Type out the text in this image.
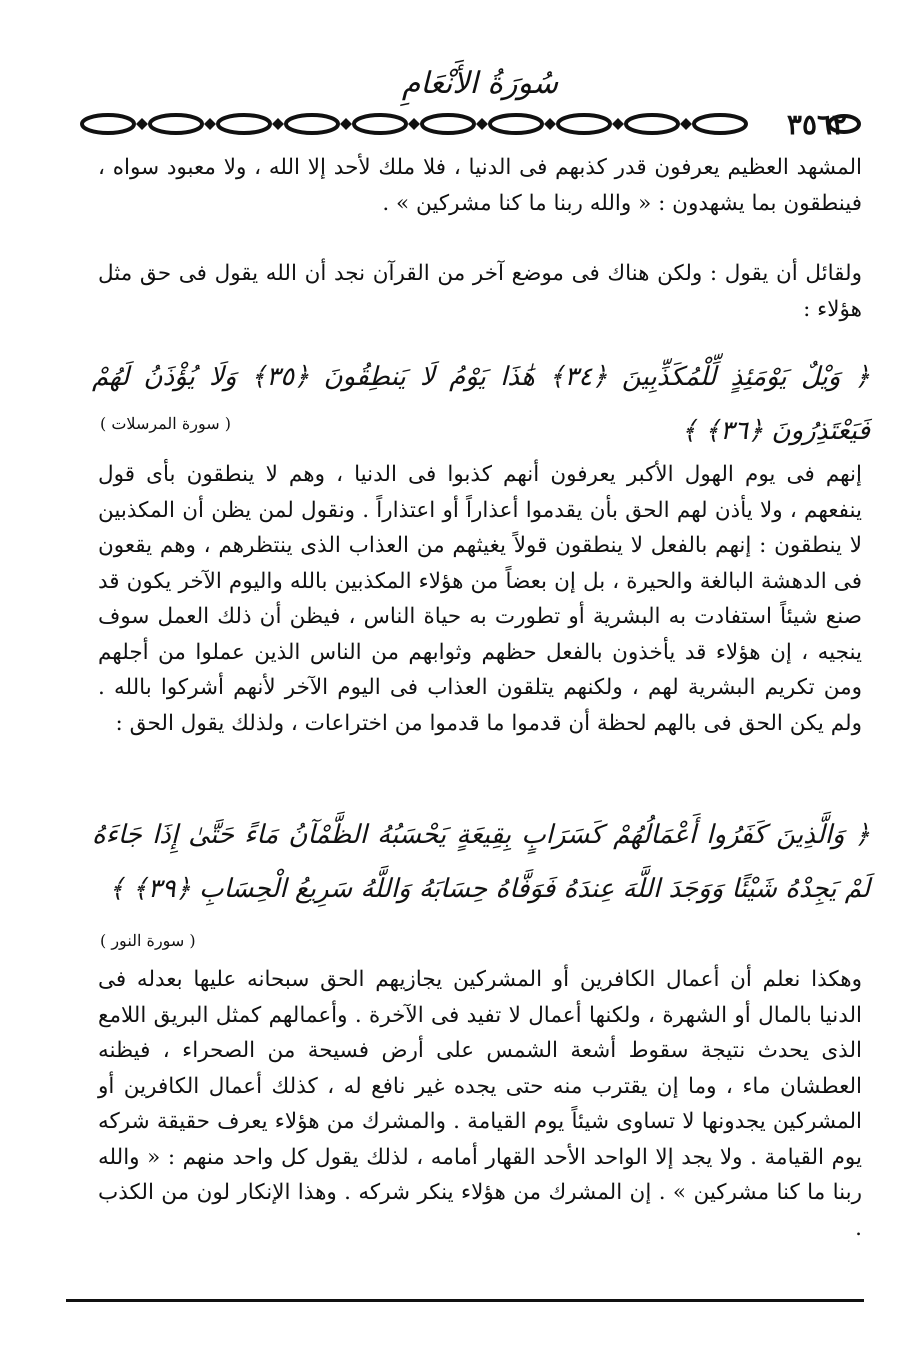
سُورَةُ الأَنْعَامِ
٣٥٦٢
المشهد العظيم يعرفون قدر كذبهم فى الدنيا ، فلا ملك لأحد إلا الله ، ولا معبود سواه ، فينطقون بما يشهدون : « والله ربنا ما كنا مشركين » .
ولقائل أن يقول : ولكن هناك فى موضع آخر من القرآن نجد أن الله يقول فى حق مثل هؤلاء :
﴿ وَيْلٌ يَوْمَئِذٍ لِّلْمُكَذِّبِينَ ﴿٣٤﴾ هَٰذَا يَوْمُ لَا يَنطِقُونَ ﴿٣٥﴾ وَلَا يُؤْذَنُ لَهُمْ فَيَعْتَذِرُونَ ﴿٣٦﴾ ﴾
( سورة المرسلات )
إنهم فى يوم الهول الأكبر يعرفون أنهم كذبوا فى الدنيا ، وهم لا ينطقون بأى قول ينفعهم ، ولا يأذن لهم الحق بأن يقدموا أعذاراً أو اعتذاراً . ونقول لمن يظن أن المكذبين لا ينطقون : إنهم بالفعل لا ينطقون قولاً يغيثهم من العذاب الذى ينتظرهم ، وهم يقعون فى الدهشة البالغة والحيرة ، بل إن بعضاً من هؤلاء المكذبين بالله واليوم الآخر يكون قد صنع شيئاً استفادت به البشرية أو تطورت به حياة الناس ، فيظن أن ذلك العمل سوف ينجيه ، إن هؤلاء قد يأخذون بالفعل حظهم وثوابهم من الناس الذين عملوا من أجلهم ومن تكريم البشرية لهم ، ولكنهم يتلقون العذاب فى اليوم الآخر لأنهم أشركوا بالله . ولم يكن الحق فى بالهم لحظة أن قدموا ما قدموا من اختراعات ، ولذلك يقول الحق :
﴿ وَالَّذِينَ كَفَرُوا أَعْمَالُهُمْ كَسَرَابٍ بِقِيعَةٍ يَحْسَبُهُ الظَّمْآنُ مَاءً حَتَّىٰ إِذَا جَاءَهُ لَمْ يَجِدْهُ شَيْئًا وَوَجَدَ اللَّهَ عِندَهُ فَوَفَّاهُ حِسَابَهُ وَاللَّهُ سَرِيعُ الْحِسَابِ ﴿٣٩﴾ ﴾
( سورة النور )
وهكذا نعلم أن أعمال الكافرين أو المشركين يجازيهم الحق سبحانه عليها بعدله فى الدنيا بالمال أو الشهرة ، ولكنها أعمال لا تفيد فى الآخرة . وأعمالهم كمثل البريق اللامع الذى يحدث نتيجة سقوط أشعة الشمس على أرض فسيحة من الصحراء ، فيظنه العطشان ماء ، وما إن يقترب منه حتى يجده غير نافع له ، كذلك أعمال الكافرين أو المشركين يجدونها لا تساوى شيئاً يوم القيامة . والمشرك من هؤلاء يعرف حقيقة شركه يوم القيامة . ولا يجد إلا الواحد الأحد القهار أمامه ، لذلك يقول كل واحد منهم : « والله ربنا ما كنا مشركين » . إن المشرك من هؤلاء ينكر شركه . وهذا الإنكار لون من الكذب .
